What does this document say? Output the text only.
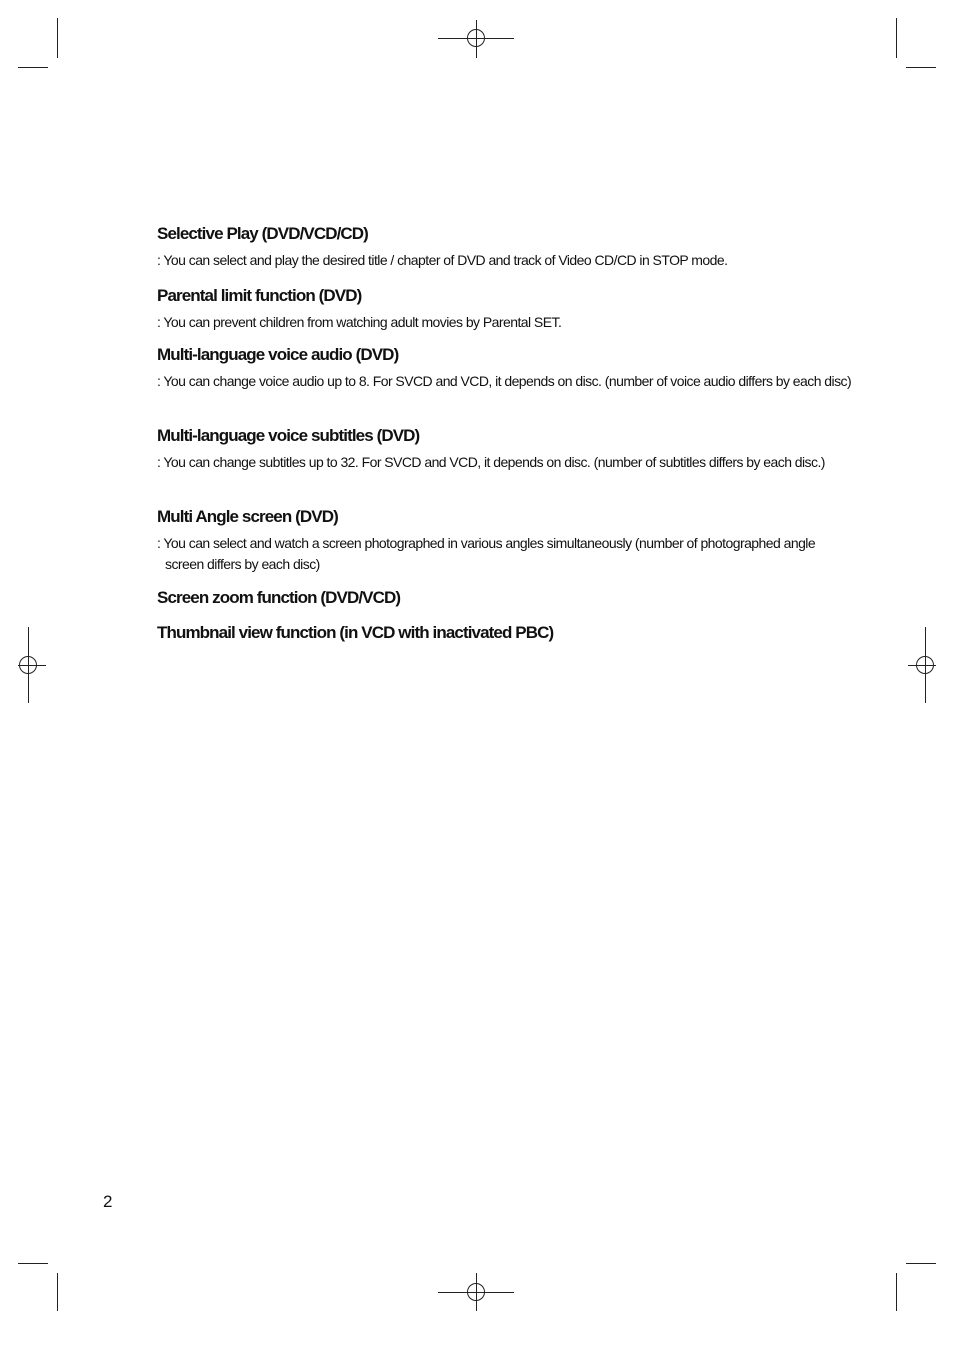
Selective Play (DVD/VCD/CD)

: You can select and play the desired title / chapter of DVD and track of Video CD/CD in STOP mode.

Parental limit function (DVD)

: You can prevent children from watching adult movies by Parental SET.

Multi-language voice audio (DVD)

: You can change voice audio up to 8. For SVCD and VCD, it depends on disc. (number of voice audio differs by each disc)

Multi-language voice subtitles (DVD)

: You can change subtitles up to 32. For SVCD and VCD, it depends on disc. (number of subtitles differs by each disc.)

Multi Angle screen (DVD)

: You can select and watch a screen photographed in various angles simultaneously (number of photographed angle screen differs by each disc)

Screen zoom function (DVD/VCD)
Thumbnail view function (in VCD with inactivated PBC)
2
